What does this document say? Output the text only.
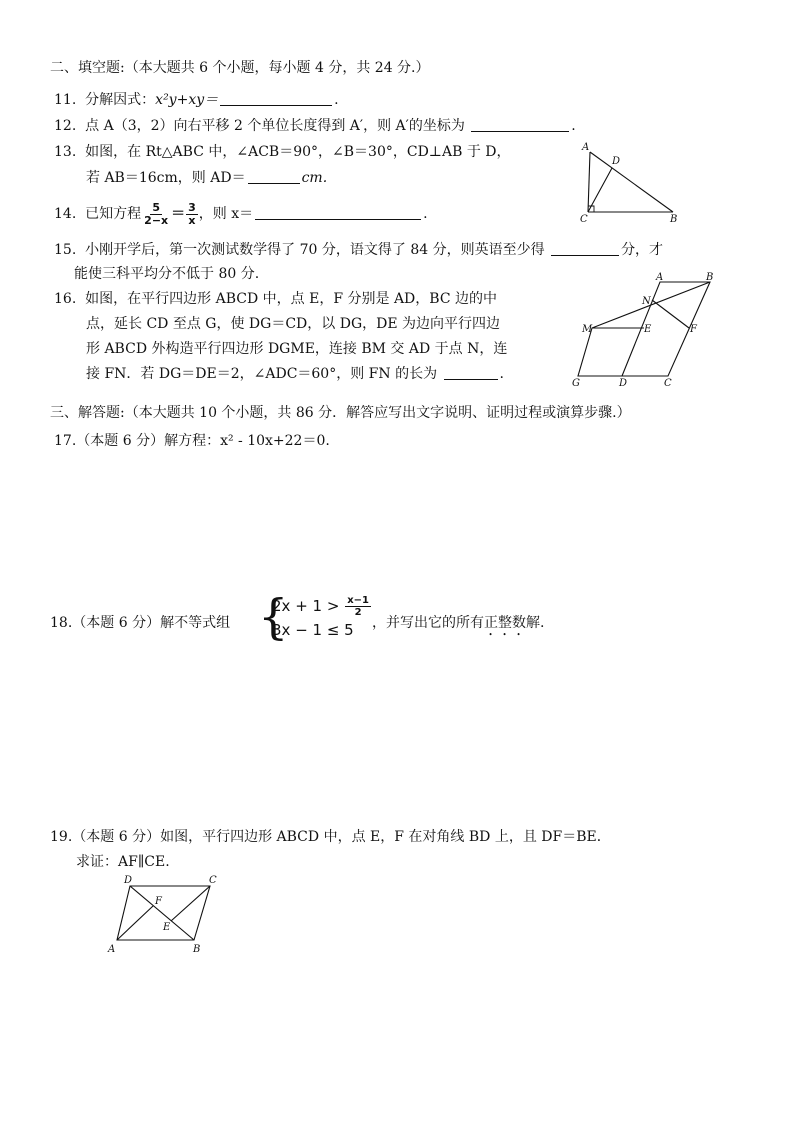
二、填空题:（本大题共 6 个小题，每小题 4 分，共 24 分.）
11. 分解因式：x²y+xy＝	.
12. 点 A（3，2）向右平移 2 个单位长度得到 A′，则 A′的坐标为	.
13. 如图，在 Rt△ABC 中，∠ACB＝90°，∠B＝30°，CD⊥AB 于 D，
若 AB＝16cm，则 AD＝	cm.
A
D
C	B
14. 已知方程 $\frac{5}{2-x} = \frac{3}{x}$ ，则 x＝	.
15. 小刚开学后，第一次测试数学得了 70 分，语文得了 84 分，则英语至少得	分，才
能使三科平均分不低于 80 分.
16. 如图，在平行四边形 ABCD 中，点 E，F 分别是 AD，BC 边的中
点，延长 CD 至点 G，使 DG＝CD，以 DG，DE 为边向平行四边
形 ABCD 外构造平行四边形 DGME，连接 BM 交 AD 于点 N，连
接 FN．若 DG＝DE＝2，∠ADC＝60°，则 FN 的长为	.
A	B
N
M	E	F
G	D	C
三、解答题:（本大题共 10 个小题，共 86 分．解答应写出文字说明、证明过程或演算步骤.）
17.（本题 6 分）解方程：x² - 10x+22＝0.
18.（本题 6 分）解不等式组 {
$2x + 1 > \frac{x-1}{2}$
3x − 1 ≤ 5 ，并写出它的所有正整数解.
19.（本题 6 分）如图，平行四边形 ABCD 中，点 E，F 在对角线 BD 上，且 DF＝BE．
求证：AF∥CE.
D	C
F
E
A	B
